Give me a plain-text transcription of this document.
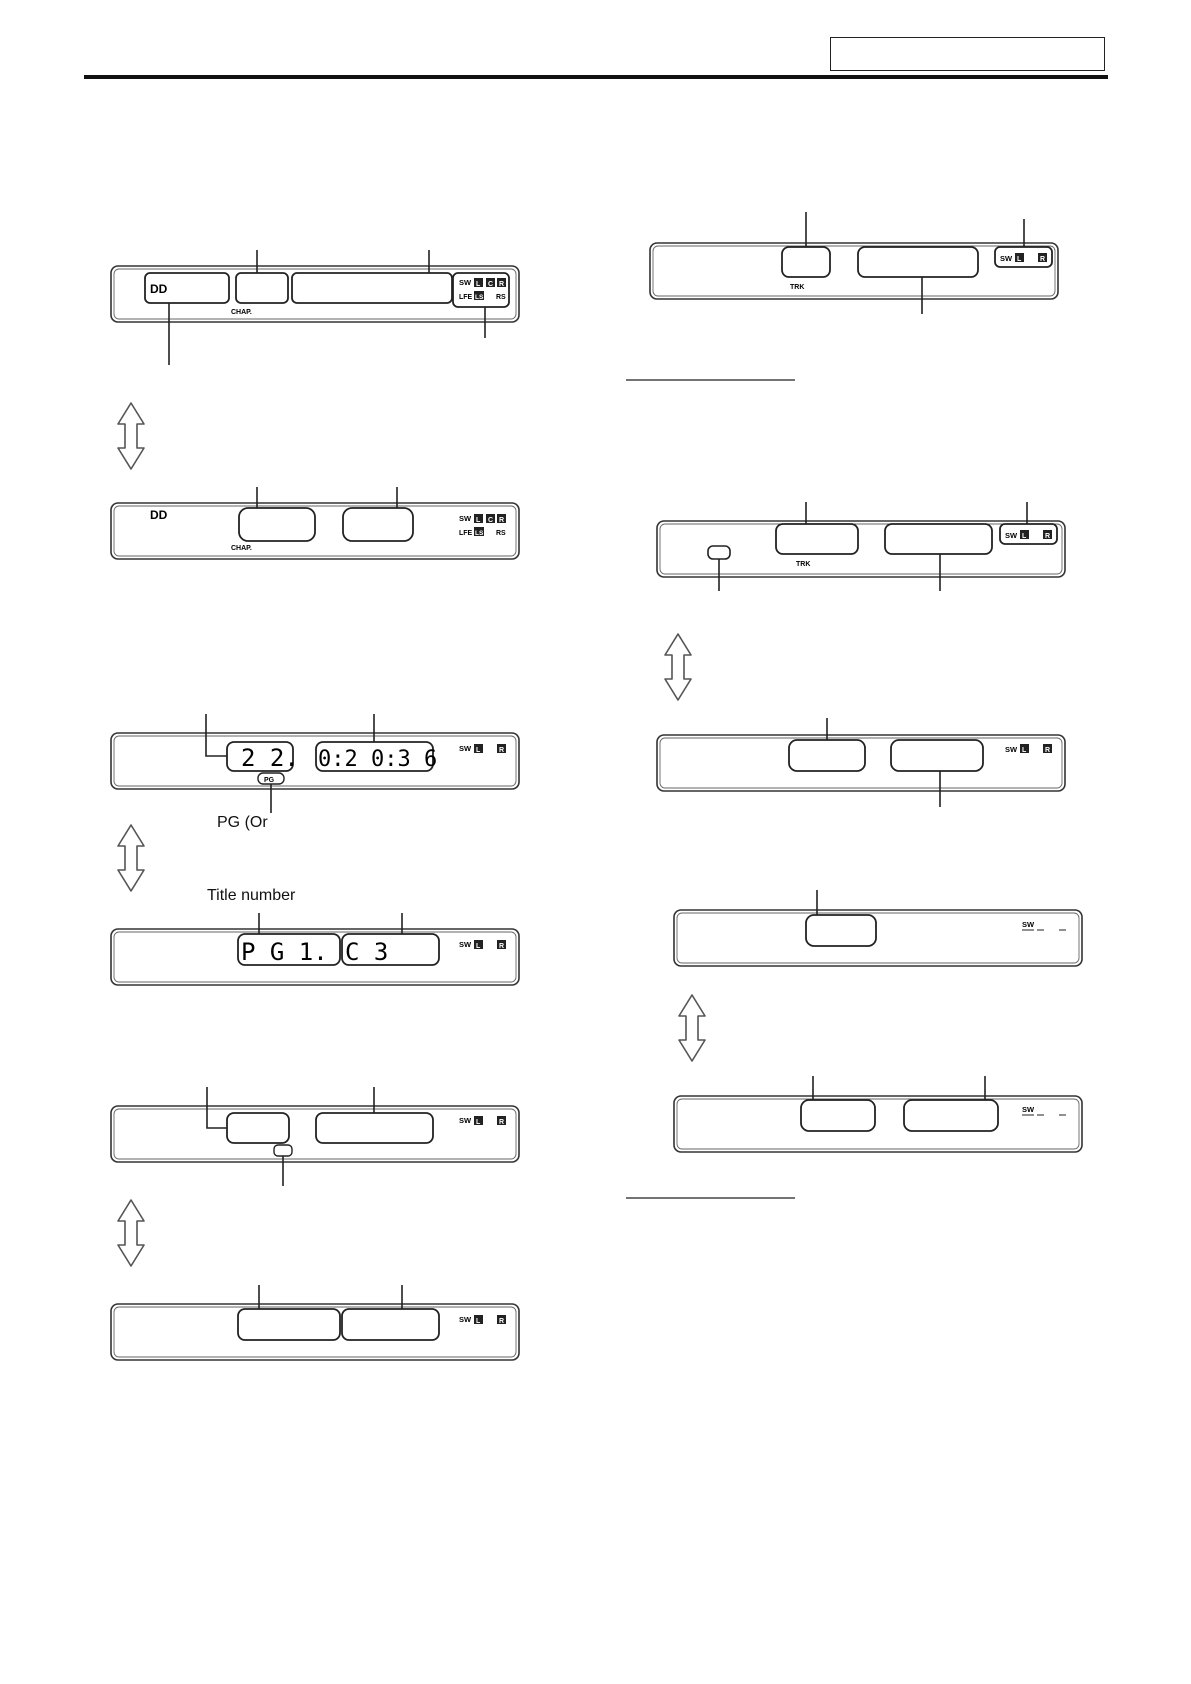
DD
CHAP.
SW L C R
LFE LS RS
DD
CHAP.
SW L C R
LFE LS RS
2 2. 0:2 0:3 6
PG
SW L	R
P G 1. C 3	SW L	R
SW L	R
SW L	R
TRK
SW L	R
TRK
SW L	R
SW L	R
SW
SW
PG (Or
Title number
